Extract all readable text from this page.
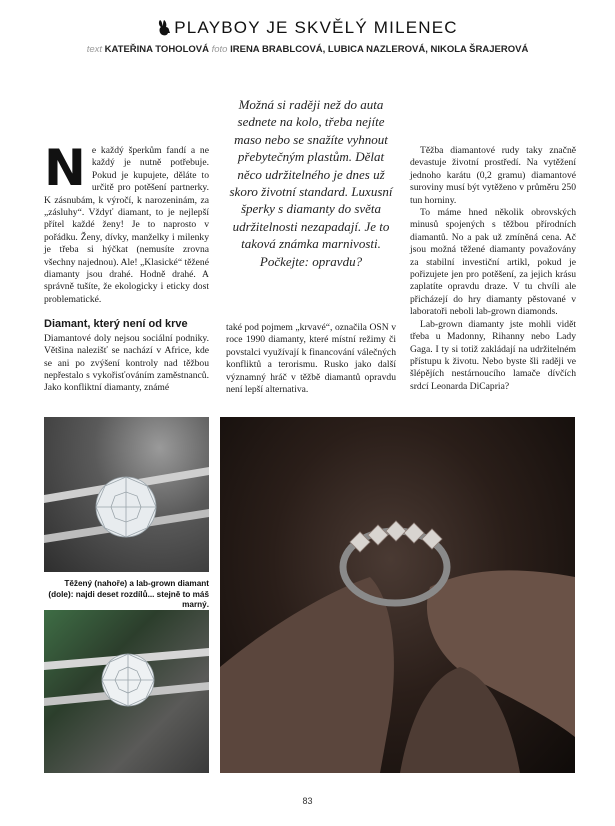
PLAYBOY JE SKVĚLÝ MILENEC
text KATEŘINA TOHOLOVÁ foto IRENA BRABLCOVÁ, LUBICA NAZLEROVÁ, NIKOLA ŠRAJEROVÁ
N e každý šperkům fandí a ne každý je nutně potřebuje. Pokud je kupujete, děláte to určitě pro potěšení partnerky. K zásnubám, k výročí, k narozeninám, za „zásluhy“. Vždyť diamant, to je nejlepší přítel každé ženy! Je to naprosto v pořádku. Ženy, dívky, manželky i milenky je třeba si hýčkat (nemusíte zrovna všechny najednou). Ale! „Klasické“ těžené diamanty jsou drahé. Hodně drahé. A správně tušíte, že ekologicky i eticky dost problematické.

Diamant, který není od krve

Diamantové doly nejsou sociální podniky. Většina nalezišť se nachází v Africe, kde se ani po zvýšení kontroly nad těžbou nepřestalo s vykořisťováním zaměstnanců. Jako konfliktní diamanty, známé

Možná si raději než do auta sednete na kolo, třeba nejíte maso nebo se snažíte vyhnout přebytečným plastům. Dělat něco udržitelného je dnes už skoro životní standard. Luxusní šperky s diamanty do světa udržitelnosti nezapadají. Je to taková známka marnivosti. Počkejte: opravdu?

také pod pojmem „krvavé“, označila OSN v roce 1990 diamanty, které místní režimy či povstalci využívají k financování válečných konfliktů a terorismu. Rusko jako další významný hráč v těžbě diamantů opravdu není lepší alternativa.

Těžba diamantové rudy taky značně devastuje životní prostředí. Na vytěžení jednoho karátu (0,2 gramu) diamantové suroviny musí být vytěženo v průměru 250 tun horniny.

To máme hned několik obrovských minusů spojených s těžbou přírodních diamantů. No a pak už zmíněná cena. Ač jsou možná těžené diamanty považovány za stabilní investiční artikl, pokud je pořizujete jen pro potěšení, za jejich krásu zaplatíte opravdu draze. V tu chvíli ale přicházejí do hry diamanty pěstované v laboratoři neboli lab-grown diamonds.

Lab-grown diamanty jste mohli vidět třeba u Madonny, Rihanny nebo Lady Gaga. I ty si totiž zakládají na udržitelném přístupu k životu. Nebo byste šli raději ve šlépějích nestárnoucího lamače dívčích srdcí Leonarda DiCapria?

Těžený (nahoře) a lab-grown diamant (dole): najdi deset rozdílů... stejně to máš marný.
83
